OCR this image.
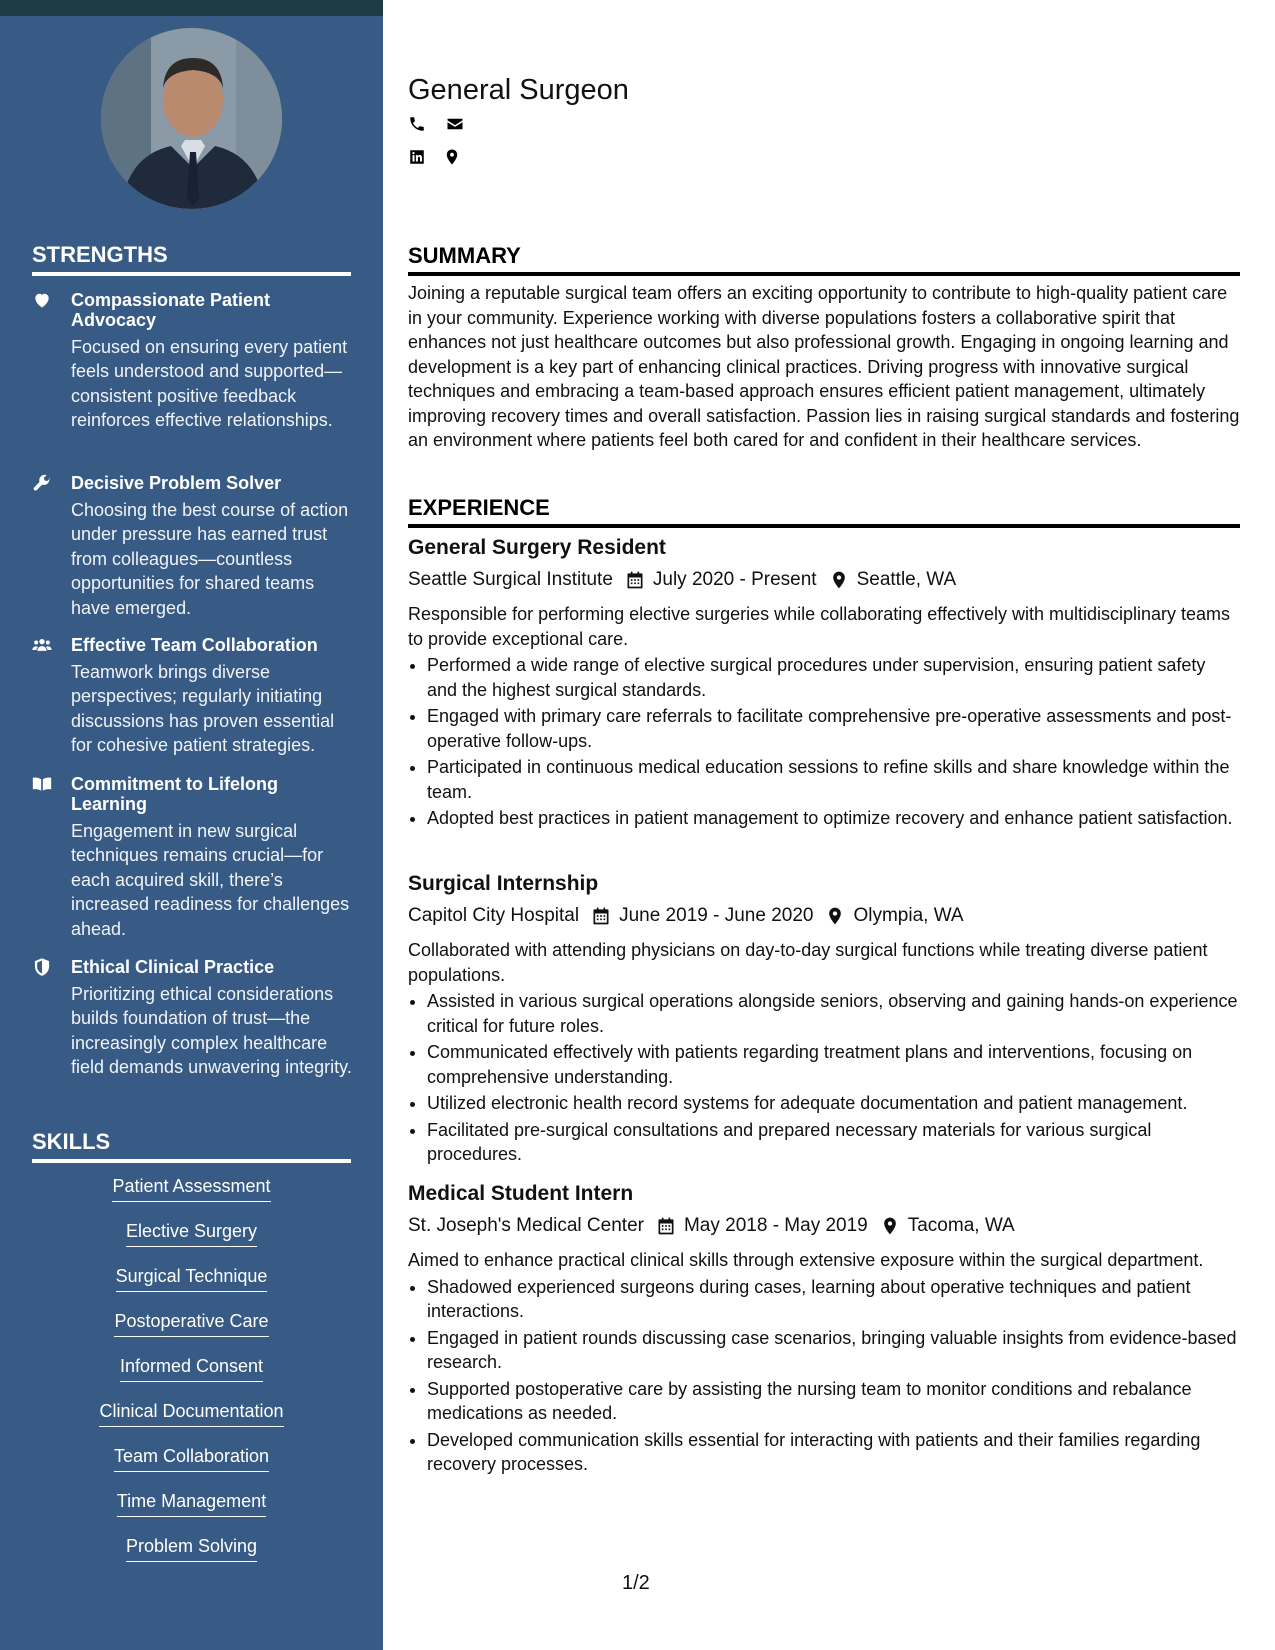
STRENGTHS
Compassionate Patient Advocacy
Focused on ensuring every patient feels understood and supported—consistent positive feedback reinforces effective relationships.
Decisive Problem Solver
Choosing the best course of action under pressure has earned trust from colleagues—countless opportunities for shared teams have emerged.
Effective Team Collaboration
Teamwork brings diverse perspectives; regularly initiating discussions has proven essential for cohesive patient strategies.
Commitment to Lifelong Learning
Engagement in new surgical techniques remains crucial—for each acquired skill, there’s increased readiness for challenges ahead.
Ethical Clinical Practice
Prioritizing ethical considerations builds foundation of trust—the increasingly complex healthcare field demands unwavering integrity.
SKILLS
Patient Assessment
Elective Surgery
Surgical Technique
Postoperative Care
Informed Consent
Clinical Documentation
Team Collaboration
Time Management
Problem Solving
General Surgeon
SUMMARY
Joining a reputable surgical team offers an exciting opportunity to contribute to high-quality patient care in your community. Experience working with diverse populations fosters a collaborative spirit that enhances not just healthcare outcomes but also professional growth. Engaging in ongoing learning and development is a key part of enhancing clinical practices. Driving progress with innovative surgical techniques and embracing a team-based approach ensures efficient patient management, ultimately improving recovery times and overall satisfaction. Passion lies in raising surgical standards and fostering an environment where patients feel both cared for and confident in their healthcare services.
EXPERIENCE
General Surgery Resident
Seattle Surgical Institute July 2020 - Present Seattle, WA
Responsible for performing elective surgeries while collaborating effectively with multidisciplinary teams to provide exceptional care.
• Performed a wide range of elective surgical procedures under supervision, ensuring patient safety and the highest surgical standards.
• Engaged with primary care referrals to facilitate comprehensive pre-operative assessments and post-operative follow-ups.
• Participated in continuous medical education sessions to refine skills and share knowledge within the team.
• Adopted best practices in patient management to optimize recovery and enhance patient satisfaction.
Surgical Internship
Capitol City Hospital June 2019 - June 2020 Olympia, WA
Collaborated with attending physicians on day-to-day surgical functions while treating diverse patient populations.
• Assisted in various surgical operations alongside seniors, observing and gaining hands-on experience critical for future roles.
• Communicated effectively with patients regarding treatment plans and interventions, focusing on comprehensive understanding.
• Utilized electronic health record systems for adequate documentation and patient management.
• Facilitated pre-surgical consultations and prepared necessary materials for various surgical procedures.
Medical Student Intern
St. Joseph's Medical Center May 2018 - May 2019 Tacoma, WA
Aimed to enhance practical clinical skills through extensive exposure within the surgical department.
• Shadowed experienced surgeons during cases, learning about operative techniques and patient interactions.
• Engaged in patient rounds discussing case scenarios, bringing valuable insights from evidence-based research.
• Supported postoperative care by assisting the nursing team to monitor conditions and rebalance medications as needed.
• Developed communication skills essential for interacting with patients and their families regarding recovery processes.
1/2
